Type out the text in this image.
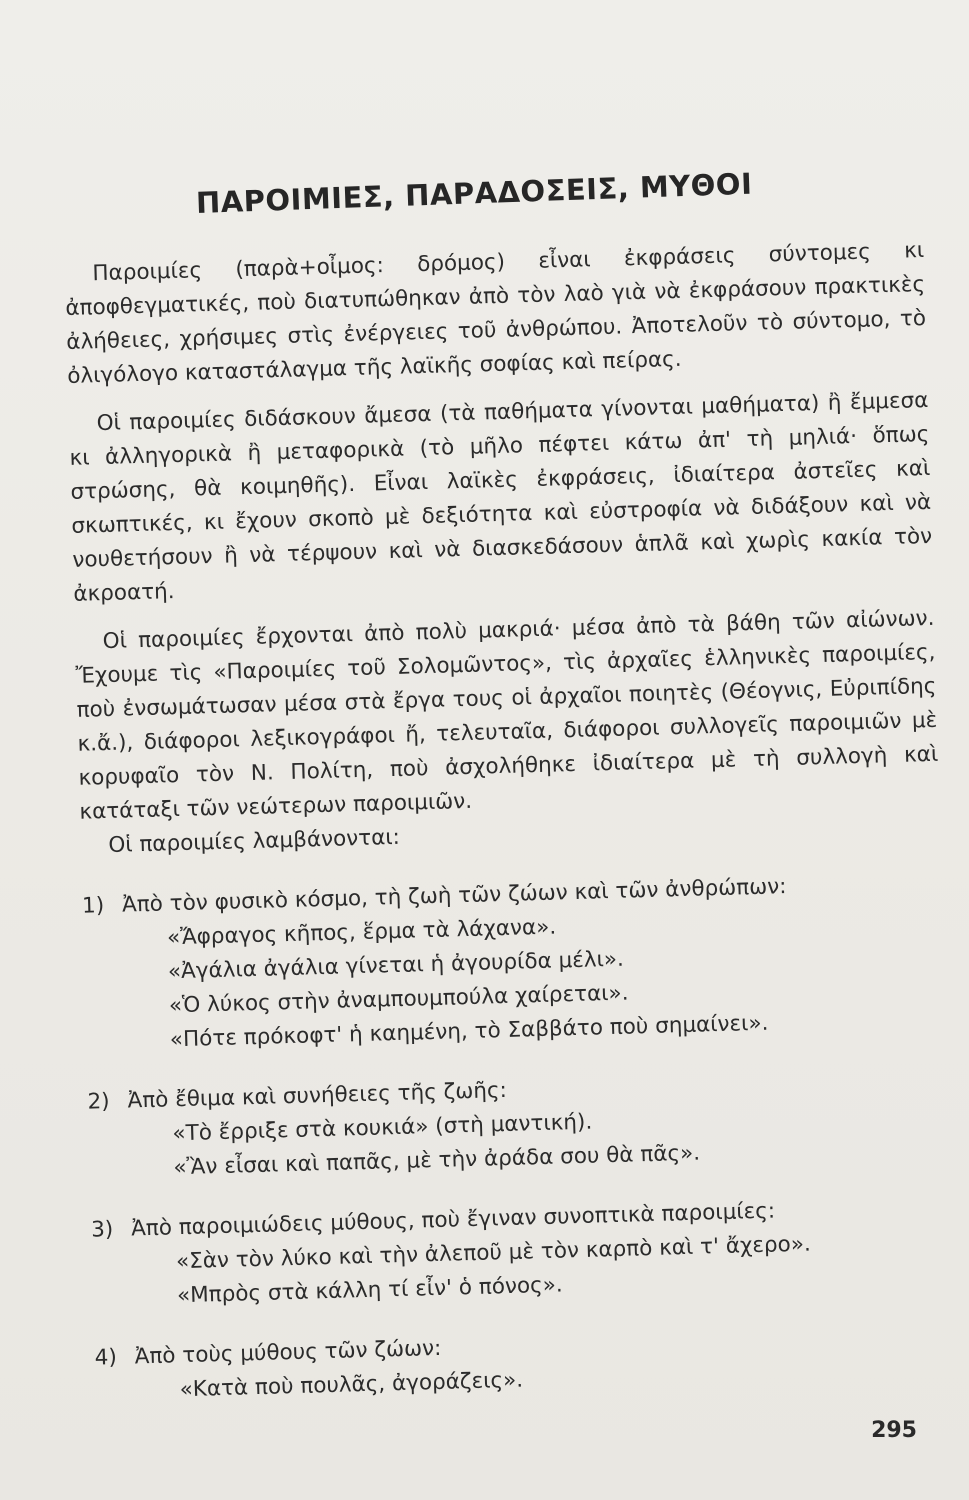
ΠΑΡΟΙΜΙΕΣ, ΠΑΡΑΔΟΣΕΙΣ, ΜΥΘΟΙ

Παροιμίες (παρὰ+οἶμος: δρόμος) εἶναι ἐκφράσεις σύντομες κι ἀποφθεγματικές, ποὺ διατυπώθηκαν ἀπὸ τὸν λαὸ γιὰ νὰ ἐκφράσουν πρακτικὲς ἀλήθειες, χρήσιμες στὶς ἐνέργειες τοῦ ἀνθρώπου. Ἀποτελοῦν τὸ σύντομο, τὸ ὀλιγόλογο καταστάλαγμα τῆς λαϊκῆς σοφίας καὶ πείρας.

Οἱ παροιμίες διδάσκουν ἄμεσα (τὰ παθήματα γίνονται μαθήματα) ἢ ἔμμεσα κι ἀλληγορικὰ ἢ μεταφορικὰ (τὸ μῆλο πέφτει κάτω ἀπ' τὴ μηλιά· ὅπως στρώσης, θὰ κοιμηθῆς). Εἶναι λαϊκὲς ἐκφράσεις, ἰδιαίτερα ἀστεῖες καὶ σκωπτικές, κι ἔχουν σκοπὸ μὲ δεξιότητα καὶ εὐστροφία νὰ διδάξουν καὶ νὰ νουθετήσουν ἢ νὰ τέρψουν καὶ νὰ διασκεδάσουν ἁπλᾶ καὶ χωρὶς κακία τὸν ἀκροατή.

Οἱ παροιμίες ἔρχονται ἀπὸ πολὺ μακριά· μέσα ἀπὸ τὰ βάθη τῶν αἰώνων. Ἔχουμε τὶς «Παροιμίες τοῦ Σολομῶντος», τὶς ἀρχαῖες ἑλληνικὲς παροιμίες, ποὺ ἐνσωμάτωσαν μέσα στὰ ἔργα τους οἱ ἀρχαῖοι ποιητὲς (Θέογνις, Εὐριπίδης κ.ἄ.), διάφοροι λεξικογράφοι ἤ, τελευταῖα, διάφοροι συλλογεῖς παροιμιῶν μὲ κορυφαῖο τὸν Ν. Πολίτη, ποὺ ἀσχολήθηκε ἰδιαίτερα μὲ τὴ συλλογὴ καὶ κατάταξι τῶν νεώτερων παροιμιῶν.

Οἱ παροιμίες λαμβάνονται:

1) Ἀπὸ τὸν φυσικὸ κόσμο, τὴ ζωὴ τῶν ζώων καὶ τῶν ἀνθρώπων:

«Ἄφραγος κῆπος, ἕρμα τὰ λάχανα».

«Ἀγάλια ἀγάλια γίνεται ἡ ἀγουρίδα μέλι».

«Ὁ λύκος στὴν ἀναμπουμπούλα χαίρεται».

«Πότε πρόκοφτ' ἡ καημένη, τὸ Σαββάτο ποὺ σημαίνει».

2) Ἀπὸ ἔθιμα καὶ συνήθειες τῆς ζωῆς:

«Τὸ ἔρριξε στὰ κουκιά» (στὴ μαντική).

«Ἂν εἶσαι καὶ παπᾶς, μὲ τὴν ἀράδα σου θὰ πᾶς».

3) Ἀπὸ παροιμιώδεις μύθους, ποὺ ἔγιναν συνοπτικὰ παροιμίες:

«Σὰν τὸν λύκο καὶ τὴν ἀλεποῦ μὲ τὸν καρπὸ καὶ τ' ἄχερο».

«Μπρὸς στὰ κάλλη τί εἶν' ὁ πόνος».

4) Ἀπὸ τοὺς μύθους τῶν ζώων:

«Κατὰ ποὺ πουλᾶς, ἀγοράζεις».

295
